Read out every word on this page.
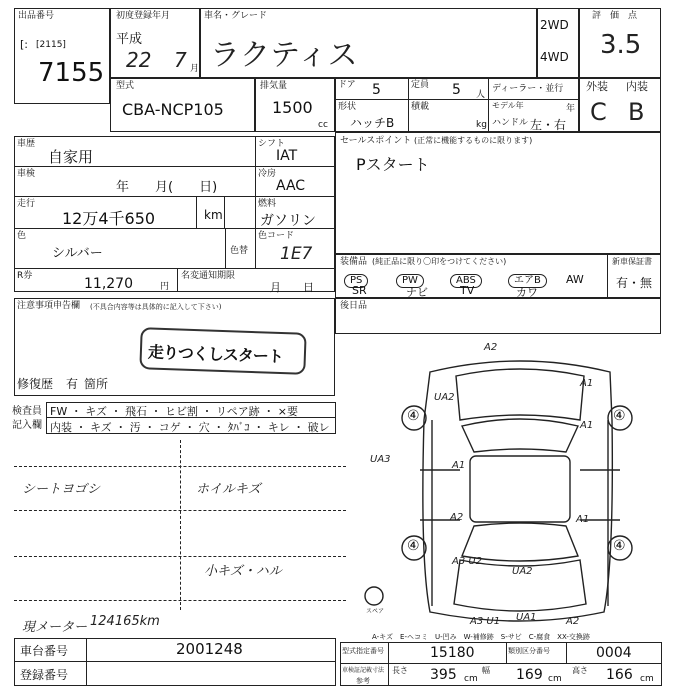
出品番号
[: [2115]
7155
初度登録年月
平成
22 7 月
車名・グレード
ラクティス
2WD
4WD
評　価　点
3.5
外装 内装
C B
型式
CBA-NCP105
排気量
1500
cc
ドア 5	定員 5 人
ディーラー・並行
形状
ハッチB
積載
kg
モデル年	年
ハンドル 左・右
車歴
自家用
車検
年　　月(　　日)
走行
12万4千650	km
色
シルバー	色替
シフト
IAT
冷房
AAC
燃料
ガソリン
色コード
1E7
R券	11,270	円
名変通知期限
月　　日
セールスポイント (正常に機能するものに限ります)
Pスタート
装備品 (純正品に限り〇印をつけてください)	新車保証書
有・無
PS	PW	ABS	エアB	AW
SR	ナビ	TV	カワ
注意事項申告欄 (不具合内容等は具体的に記入して下さい)
走りつくしスタート
修復歴 有 箇所
後日品
検査員
記入欄
FW ・ キズ ・ 飛石 ・ ヒビ割 ・ リペア跡 ・ ×要
内装 ・ キズ ・ 汚 ・ コゲ ・ 穴 ・ ﾀﾊﾞｺ ・ キレ ・ 破レ
シートヨゴシ	ホイルキズ
小キズ・ハル
A2
A1
UA2
A1
UA3
A1
A2	A1
A3 U2
UA2
A3 U1 UA1	A2
④	④
④	④
スペア
A-キズ　E-ヘコミ　U-凹み　W-補修跡　S-サビ　C-腐食　XX-交換跡
現メーター 124165km
車台番号	2001248
登録番号
型式指定番号	15180	類別区分番号	0004
車検証記載寸法
参考
長さ 395 cm
幅 169 cm
高さ 166 cm
